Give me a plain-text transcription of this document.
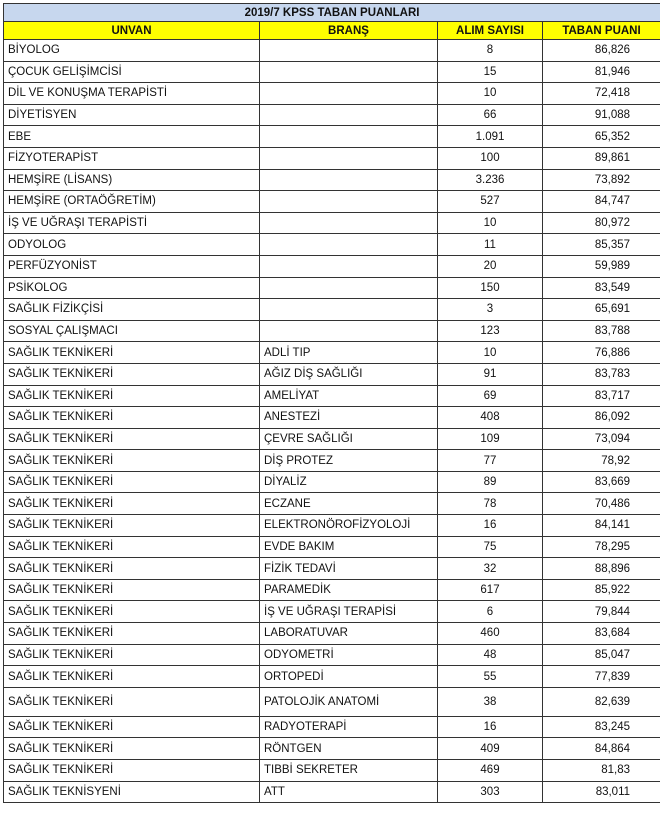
2019/7 KPSS TABAN PUANLARI			
UNVAN	BRANŞ	ALIM SAYISI	TABAN PUANI
BİYOLOG		8	86,826
ÇOCUK GELİŞİMCİSİ		15	81,946
DİL VE KONUŞMA TERAPİSTİ		10	72,418
DİYETİSYEN		66	91,088
EBE		1.091	65,352
FİZYOTERAPİST		100	89,861
HEMŞİRE (LİSANS)		3.236	73,892
HEMŞİRE (ORTAÖĞRETİM)		527	84,747
İŞ VE UĞRAŞI TERAPİSTİ		10	80,972
ODYOLOG		11	85,357
PERFÜZYONİST		20	59,989
PSİKOLOG		150	83,549
SAĞLIK FİZİKÇİSİ		3	65,691
SOSYAL ÇALIŞMACI		123	83,788
SAĞLIK TEKNİKERİ	ADLİ TIP	10	76,886
SAĞLIK TEKNİKERİ	AĞIZ DİŞ SAĞLIĞI	91	83,783
SAĞLIK TEKNİKERİ	AMELİYAT	69	83,717
SAĞLIK TEKNİKERİ	ANESTEZİ	408	86,092
SAĞLIK TEKNİKERİ	ÇEVRE SAĞLIĞI	109	73,094
SAĞLIK TEKNİKERİ	DİŞ PROTEZ	77	78,92
SAĞLIK TEKNİKERİ	DİYALİZ	89	83,669
SAĞLIK TEKNİKERİ	ECZANE	78	70,486
SAĞLIK TEKNİKERİ	ELEKTRONÖROFİZYOLOJİ	16	84,141
SAĞLIK TEKNİKERİ	EVDE BAKIM	75	78,295
SAĞLIK TEKNİKERİ	FİZİK TEDAVİ	32	88,896
SAĞLIK TEKNİKERİ	PARAMEDİK	617	85,922
SAĞLIK TEKNİKERİ	İŞ VE UĞRAŞI TERAPİSİ	6	79,844
SAĞLIK TEKNİKERİ	LABORATUVAR	460	83,684
SAĞLIK TEKNİKERİ	ODYOMETRİ	48	85,047
SAĞLIK TEKNİKERİ	ORTOPEDİ	55	77,839
SAĞLIK TEKNİKERİ	PATOLOJİK ANATOMİ	38	82,639
SAĞLIK TEKNİKERİ	RADYOTERAPİ	16	83,245
SAĞLIK TEKNİKERİ	RÖNTGEN	409	84,864
SAĞLIK TEKNİKERİ	TIBBİ SEKRETER	469	81,83
SAĞLIK TEKNİSYENİ	ATT	303	83,011
